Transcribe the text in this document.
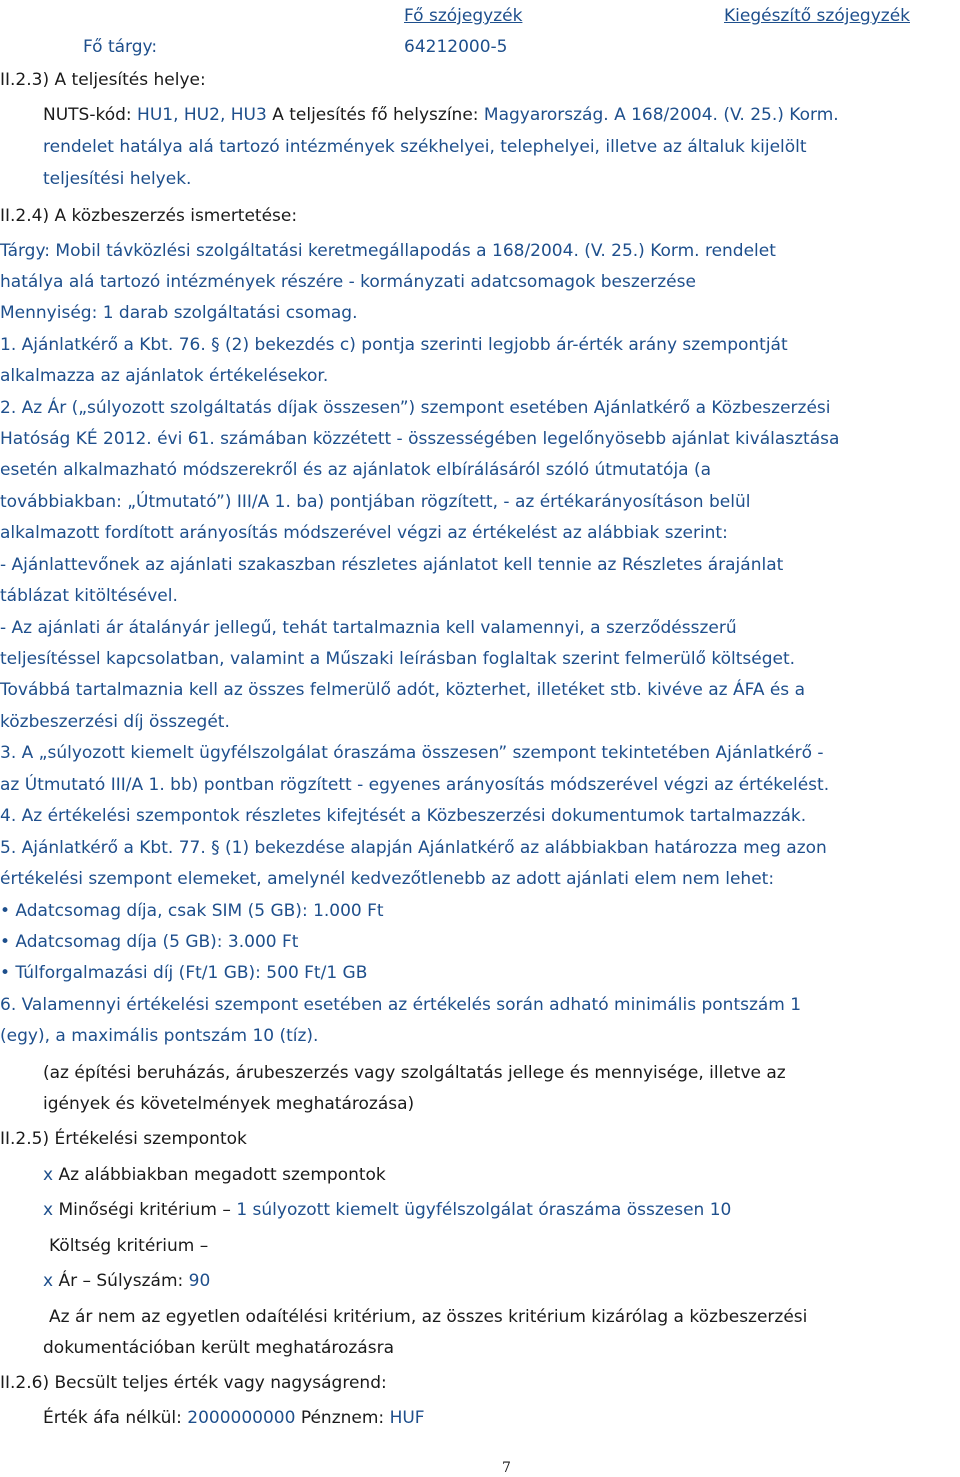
Fő szójegyzék	Kiegészítő szójegyzék
Fő tárgy:	64212000-5
II.2.3) A teljesítés helye:
NUTS-kód: HU1, HU2, HU3 A teljesítés fő helyszíne: Magyarország. A 168/2004. (V. 25.) Korm.
rendelet hatálya alá tartozó intézmények székhelyei, telephelyei, illetve az általuk kijelölt
teljesítési helyek.
II.2.4) A közbeszerzés ismertetése:
Tárgy: Mobil távközlési szolgáltatási keretmegállapodás a 168/2004. (V. 25.) Korm. rendelet
hatálya alá tartozó intézmények részére - kormányzati adatcsomagok beszerzése
Mennyiség: 1 darab szolgáltatási csomag.
1. Ajánlatkérő a Kbt. 76. § (2) bekezdés c) pontja szerinti legjobb ár-érték arány szempontját
alkalmazza az ajánlatok értékelésekor.
2. Az Ár („súlyozott szolgáltatás díjak összesen”) szempont esetében Ajánlatkérő a Közbeszerzési
Hatóság KÉ 2012. évi 61. számában közzétett - összességében legelőnyösebb ajánlat kiválasztása
esetén alkalmazható módszerekről és az ajánlatok elbírálásáról szóló útmutatója (a
továbbiakban: „Útmutató”) III/A 1. ba) pontjában rögzített, - az értékarányosításon belül
alkalmazott fordított arányosítás módszerével végzi az értékelést az alábbiak szerint:
- Ajánlattevőnek az ajánlati szakaszban részletes ajánlatot kell tennie az Részletes árajánlat
táblázat kitöltésével.
- Az ajánlati ár átalányár jellegű, tehát tartalmaznia kell valamennyi, a szerződésszerű
teljesítéssel kapcsolatban, valamint a Műszaki leírásban foglaltak szerint felmerülő költséget.
Továbbá tartalmaznia kell az összes felmerülő adót, közterhet, illetéket stb. kivéve az ÁFA és a
közbeszerzési díj összegét.
3. A „súlyozott kiemelt ügyfélszolgálat óraszáma összesen” szempont tekintetében Ajánlatkérő -
az Útmutató III/A 1. bb) pontban rögzített - egyenes arányosítás módszerével végzi az értékelést.
4. Az értékelési szempontok részletes kifejtését a Közbeszerzési dokumentumok tartalmazzák.
5. Ajánlatkérő a Kbt. 77. § (1) bekezdése alapján Ajánlatkérő az alábbiakban határozza meg azon
értékelési szempont elemeket, amelynél kedvezőtlenebb az adott ajánlati elem nem lehet:
• Adatcsomag díja, csak SIM (5 GB): 1.000 Ft
• Adatcsomag díja (5 GB): 3.000 Ft
• Túlforgalmazási díj (Ft/1 GB): 500 Ft/1 GB
6. Valamennyi értékelési szempont esetében az értékelés során adható minimális pontszám 1
(egy), a maximális pontszám 10 (tíz).
(az építési beruházás, árubeszerzés vagy szolgáltatás jellege és mennyisége, illetve az
igények és követelmények meghatározása)
II.2.5) Értékelési szempontok
x Az alábbiakban megadott szempontok
x Minőségi kritérium – 1 súlyozott kiemelt ügyfélszolgálat óraszáma összesen 10
Költség kritérium –
x Ár – Súlyszám: 90
Az ár nem az egyetlen odaítélési kritérium, az összes kritérium kizárólag a közbeszerzési
dokumentációban került meghatározásra
II.2.6) Becsült teljes érték vagy nagyságrend:
Érték áfa nélkül: 2000000000 Pénznem: HUF
7
